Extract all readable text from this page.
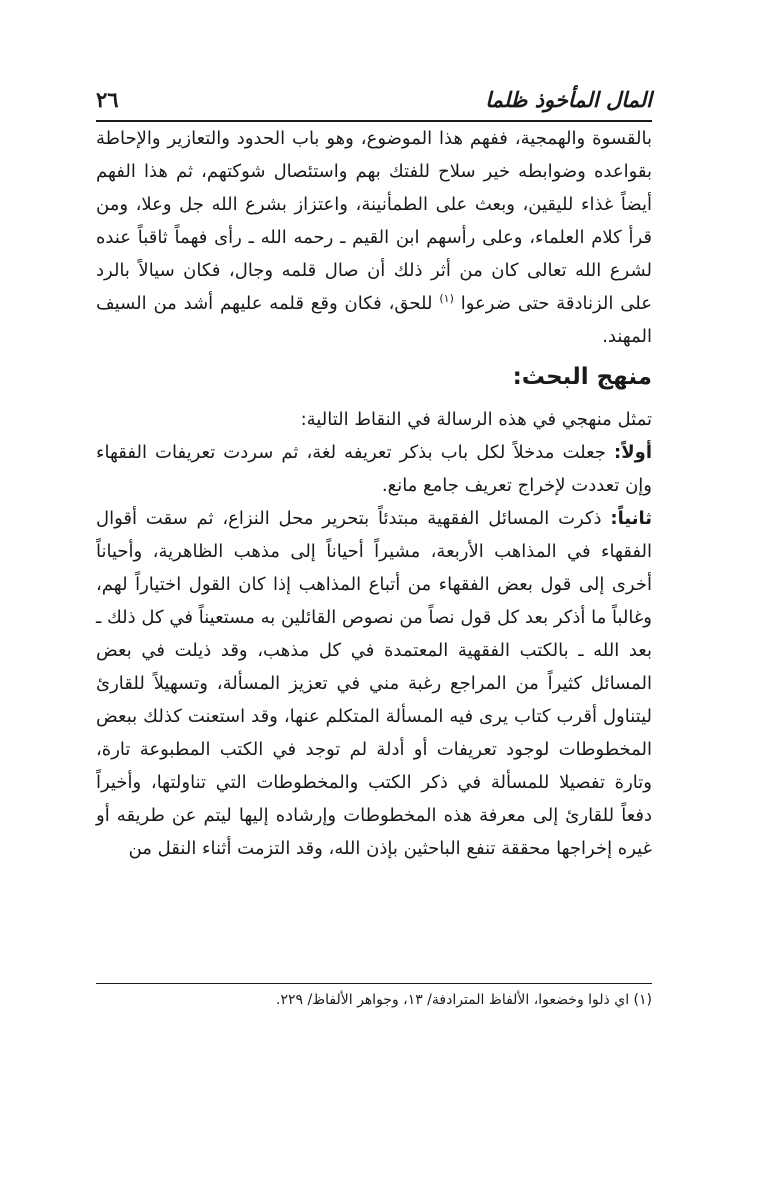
المال المأخوذ ظلما
٢٦

بالقسوة والهمجية، ففهم هذا الموضوع، وهو باب الحدود والتعازير والإحاطة بقواعده وضوابطه خير سلاح للفتك بهم واستئصال شوكتهم، ثم هذا الفهم أيضاً غذاء لليقين، وبعث على الطمأنينة، واعتزاز بشرع الله جل وعلا، ومن قرأ كلام العلماء، وعلى رأسهم ابن القيم ـ رحمه الله ـ رأى فهماً ثاقباً عنده لشرع الله تعالى كان من أثر ذلك أن صال قلمه وجال، فكان سيالاً بالرد على الزنادقة حتى ضرعوا $^{(١)}$ للحق، فكان وقع قلمه عليهم أشد من السيف المهند.

منهج البحث:

تمثل منهجي في هذه الرسالة في النقاط التالية:

أولاً: جعلت مدخلاً لكل باب بذكر تعريفه لغة، ثم سردت تعريفات الفقهاء وإن تعددت لإخراج تعريف جامع مانع.

ثانياً: ذكرت المسائل الفقهية مبتدئاً بتحرير محل النزاع، ثم سقت أقوال الفقهاء في المذاهب الأربعة، مشيراً أحياناً إلى مذهب الظاهرية، وأحياناً أخرى إلى قول بعض الفقهاء من أتباع المذاهب إذا كان القول اختياراً لهم، وغالباً ما أذكر بعد كل قول نصاً من نصوص القائلين به مستعيناً في كل ذلك ـ بعد الله ـ بالكتب الفقهية المعتمدة في كل مذهب، وقد ذيلت في بعض المسائل كثيراً من المراجع رغبة مني في تعزيز المسألة، وتسهيلاً للقارئ ليتناول أقرب كتاب يرى فيه المسألة المتكلم عنها، وقد استعنت كذلك ببعض المخطوطات لوجود تعريفات أو أدلة لم توجد في الكتب المطبوعة تارة، وتارة تفصيلا للمسألة في ذكر الكتب والمخطوطات التي تناولتها، وأخيراً دفعاً للقارئ إلى معرفة هذه المخطوطات وإرشاده إليها ليتم عن طريقه أو غيره إخراجها محققة تنفع الباحثين بإذن الله، وقد التزمت أثناء النقل من

(١) اي ذلوا وخضعوا، الألفاظ المترادفة/ ١٣، وجواهر الألفاظ/ ٢٢٩.
